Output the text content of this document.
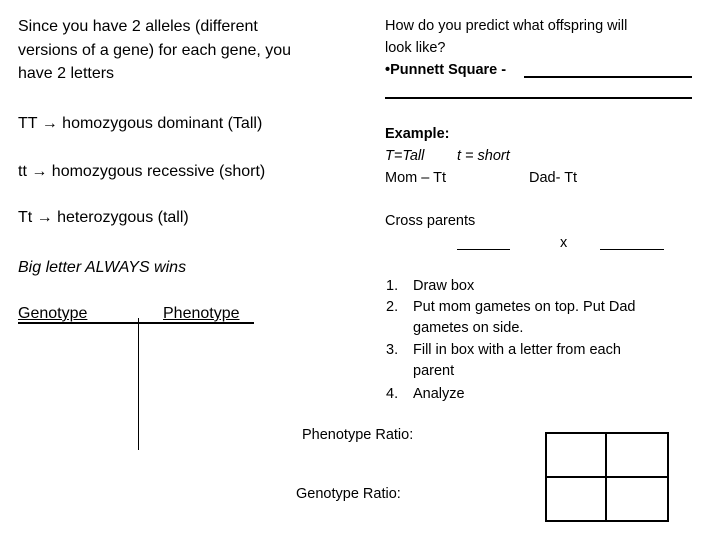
Since you have 2 alleles (different
versions of a gene) for each gene, you
have 2 letters
TT → homozygous dominant (Tall)
tt → homozygous recessive (short)
Tt → heterozygous (tall)
Big letter ALWAYS wins
Genotype	Phenotype
How do you predict what offspring will
look like?
•Punnett Square -
Example:
T=Tall t = short
Mom – Tt	Dad- Tt
Cross parents
x
1. Draw box
2. Put mom gametes on top. Put Dad
gametes on side.
3. Fill in box with a letter from each
parent
4. Analyze
Phenotype Ratio:
Genotype Ratio:
